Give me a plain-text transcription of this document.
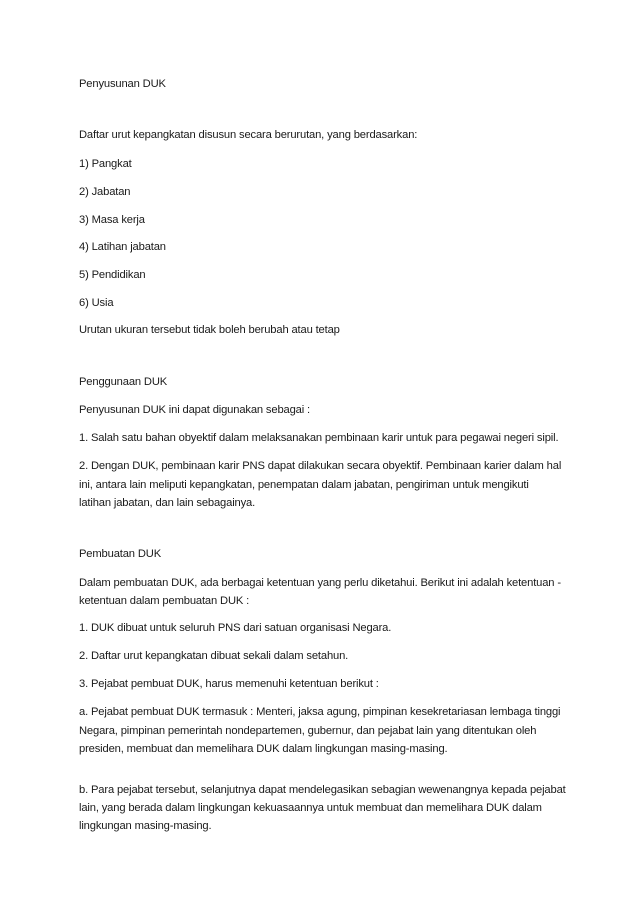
Penyusunan DUK
Daftar urut kepangkatan disusun secara berurutan, yang berdasarkan:
1) Pangkat
2) Jabatan
3) Masa kerja
4) Latihan jabatan
5) Pendidikan
6) Usia
Urutan ukuran tersebut tidak boleh berubah atau tetap
Penggunaan DUK
Penyusunan DUK ini dapat digunakan sebagai :
1. Salah satu bahan obyektif dalam melaksanakan pembinaan karir untuk para pegawai negeri sipil.
2. Dengan DUK, pembinaan karir PNS dapat dilakukan secara obyektif. Pembinaan karier dalam hal
ini, antara lain meliputi kepangkatan, penempatan dalam jabatan, pengiriman untuk mengikuti
latihan jabatan, dan lain sebagainya.
Pembuatan DUK
Dalam pembuatan DUK, ada berbagai ketentuan yang perlu diketahui. Berikut ini adalah ketentuan -
ketentuan dalam pembuatan DUK :
1. DUK dibuat untuk seluruh PNS dari satuan organisasi Negara.
2. Daftar urut kepangkatan dibuat sekali dalam setahun.
3. Pejabat pembuat DUK, harus memenuhi ketentuan berikut :
a. Pejabat pembuat DUK termasuk : Menteri, jaksa agung, pimpinan kesekretariasan lembaga tinggi
Negara, pimpinan pemerintah nondepartemen, gubernur, dan pejabat lain yang ditentukan oleh
presiden, membuat dan memelihara DUK dalam lingkungan masing-masing.
b. Para pejabat tersebut, selanjutnya dapat mendelegasikan sebagian wewenangnya kepada pejabat
lain, yang berada dalam lingkungan kekuasaannya untuk membuat dan memelihara DUK dalam
lingkungan masing-masing.
